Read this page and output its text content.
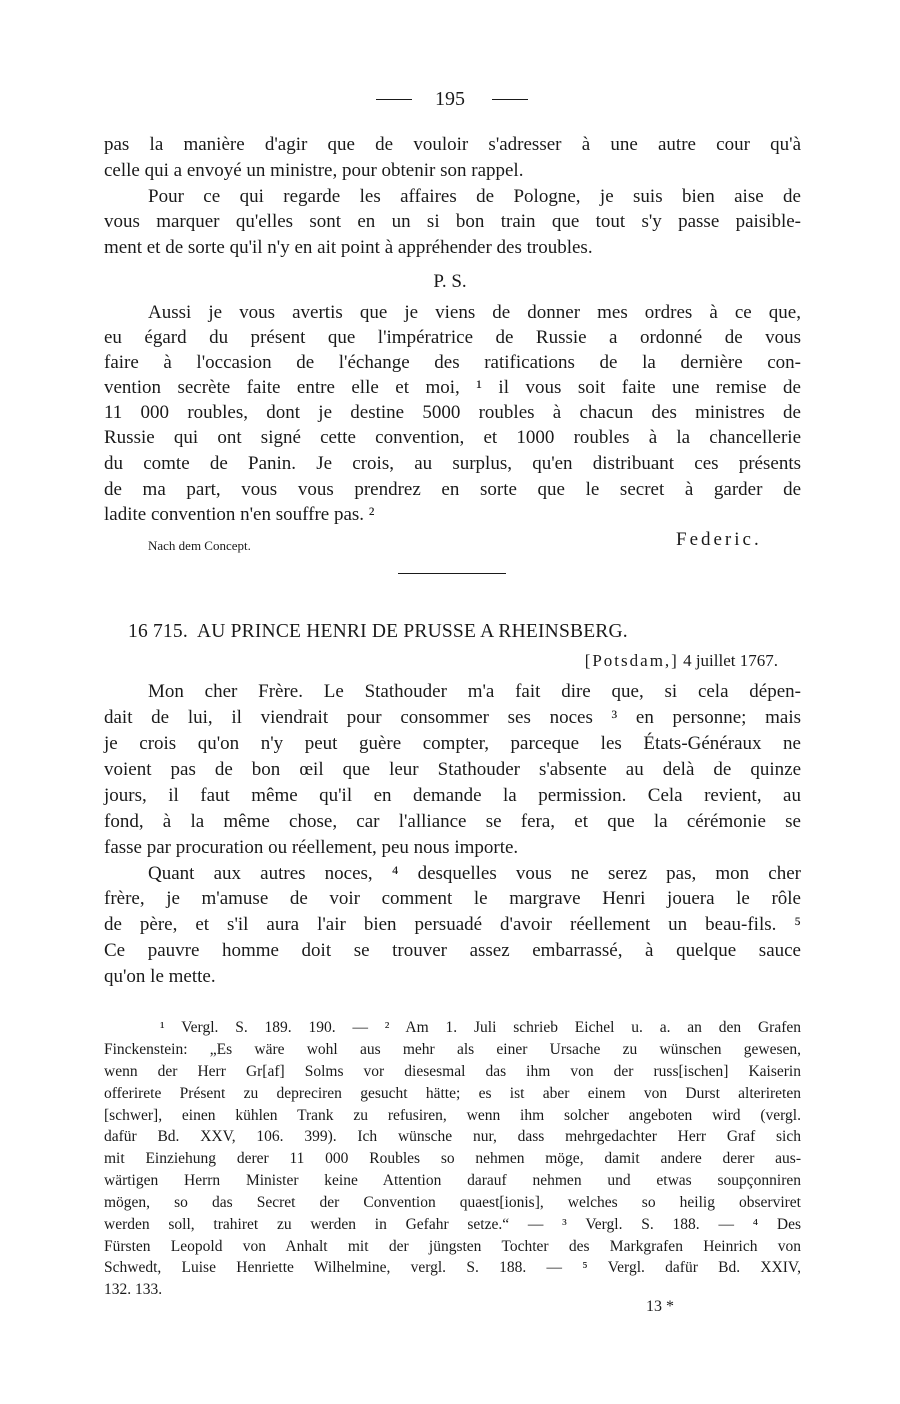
195
pas la manière d'agir que de vouloir s'adresser à une autre cour qu'à
celle qui a envoyé un ministre, pour obtenir son rappel.
Pour ce qui regarde les affaires de Pologne, je suis bien aise de
vous marquer qu'elles sont en un si bon train que tout s'y passe paisible-
ment et de sorte qu'il n'y en ait point à appréhender des troubles.
P. S.
Aussi je vous avertis que je viens de donner mes ordres à ce que,
eu égard du présent que l'impératrice de Russie a ordonné de vous
faire à l'occasion de l'échange des ratifications de la dernière con-
vention secrète faite entre elle et moi, ¹ il vous soit faite une remise de
11 000 roubles, dont je destine 5000 roubles à chacun des ministres de
Russie qui ont signé cette convention, et 1000 roubles à la chancellerie
du comte de Panin. Je crois, au surplus, qu'en distribuant ces présents
de ma part, vous vous prendrez en sorte que le secret à garder de
ladite convention n'en souffre pas. ²
Nach dem Concept.	Federic.
16 715.  AU PRINCE HENRI DE PRUSSE A RHEINSBERG.
[Potsdam,] 4 juillet 1767.
Mon cher Frère. Le Stathouder m'a fait dire que, si cela dépen-
dait de lui, il viendrait pour consommer ses noces ³ en personne; mais
je crois qu'on n'y peut guère compter, parceque les États-Généraux ne
voient pas de bon œil que leur Stathouder s'absente au delà de quinze
jours, il faut même qu'il en demande la permission. Cela revient, au
fond, à la même chose, car l'alliance se fera, et que la cérémonie se
fasse par procuration ou réellement, peu nous importe.
Quant aux autres noces, ⁴ desquelles vous ne serez pas, mon cher
frère, je m'amuse de voir comment le margrave Henri jouera le rôle
de père, et s'il aura l'air bien persuadé d'avoir réellement un beau-fils. ⁵
Ce pauvre homme doit se trouver assez embarrassé, à quelque sauce
qu'on le mette.
¹ Vergl. S. 189. 190. — ² Am 1. Juli schrieb Eichel u. a. an den Grafen
Finckenstein: „Es wäre wohl aus mehr als einer Ursache zu wünschen gewesen,
wenn der Herr Gr[af] Solms vor diesesmal das ihm von der russ[ischen] Kaiserin
offerirete Présent zu depreciren gesucht hätte; es ist aber einem von Durst alterireten
[schwer], einen kühlen Trank zu refusiren, wenn ihm solcher angeboten wird (vergl.
dafür Bd. XXV, 106. 399). Ich wünsche nur, dass mehrgedachter Herr Graf sich
mit Einziehung derer 11 000 Roubles so nehmen möge, damit andere derer aus-
wärtigen Herrn Minister keine Attention darauf nehmen und etwas soupçonniren
mögen, so das Secret der Convention quaest[ionis], welches so heilig observiret
werden soll, trahiret zu werden in Gefahr setze.“ — ³ Vergl. S. 188. — ⁴ Des
Fürsten Leopold von Anhalt mit der jüngsten Tochter des Markgrafen Heinrich von
Schwedt, Luise Henriette Wilhelmine, vergl. S. 188. — ⁵ Vergl. dafür Bd. XXIV,
132. 133.
13 *
